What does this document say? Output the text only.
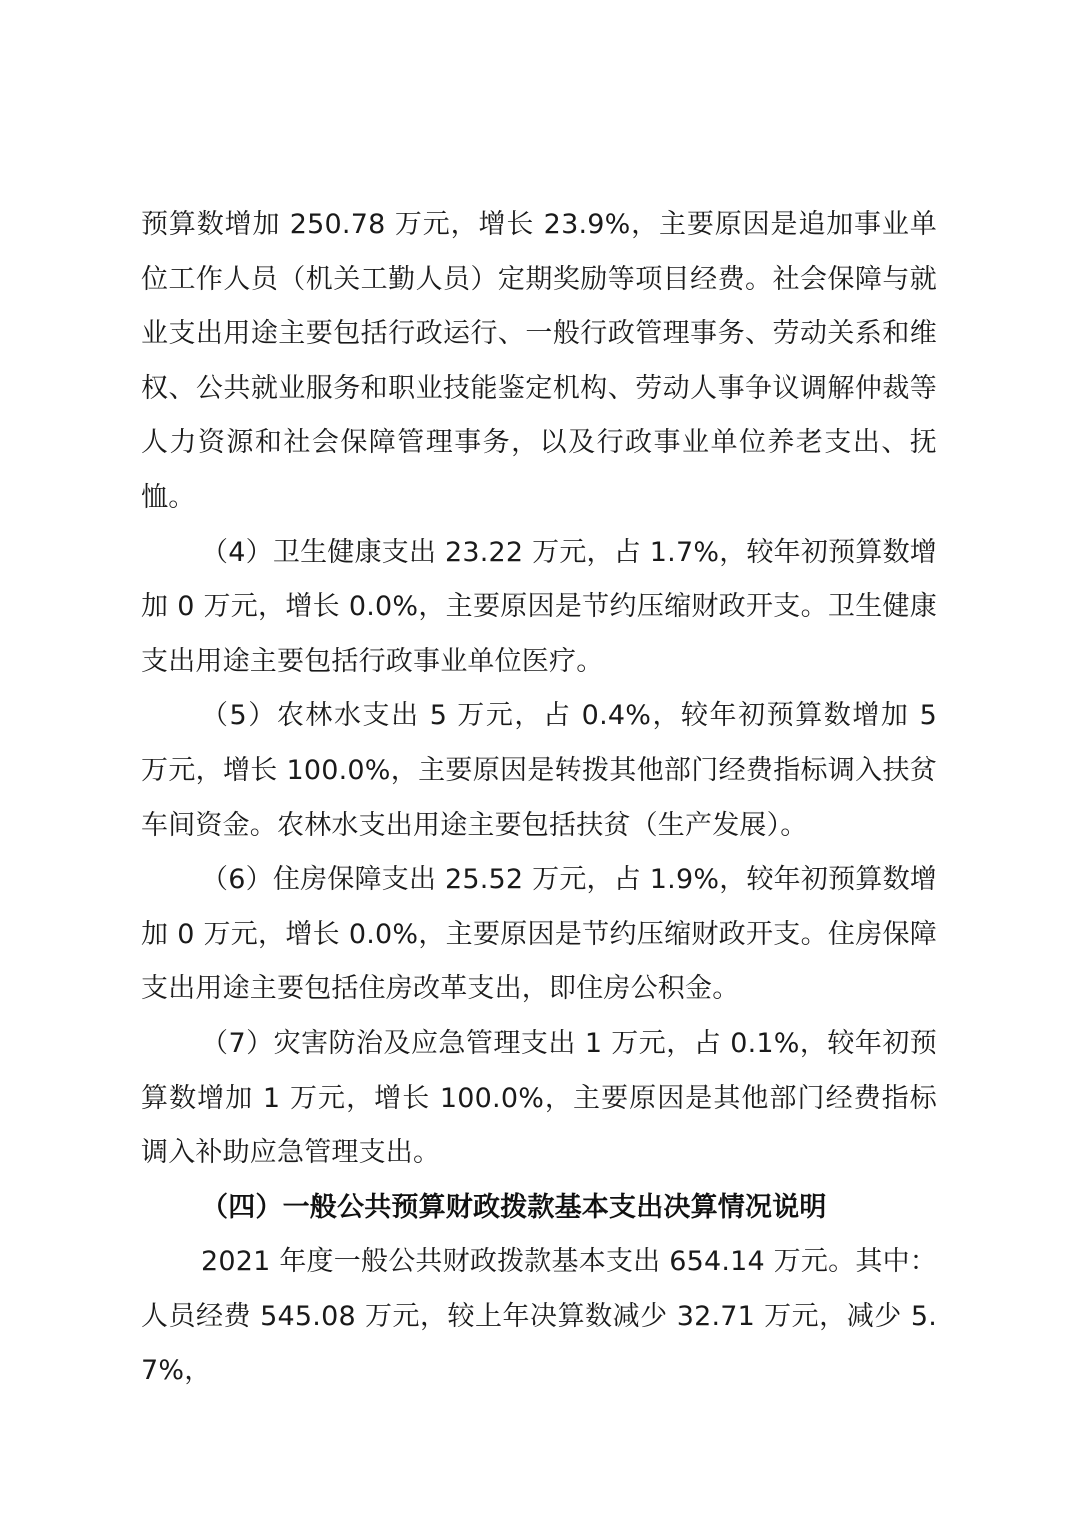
预算数增加 250.78 万元，增长 23.9%，主要原因是追加事业单位工作人员（机关工勤人员）定期奖励等项目经费。社会保障与就业支出用途主要包括行政运行、一般行政管理事务、劳动关系和维权、公共就业服务和职业技能鉴定机构、劳动人事争议调解仲裁等人力资源和社会保障管理事务，以及行政事业单位养老支出、抚恤。

（4）卫生健康支出 23.22 万元，占 1.7%，较年初预算数增加 0 万元，增长 0.0%，主要原因是节约压缩财政开支。卫生健康支出用途主要包括行政事业单位医疗。

（5）农林水支出 5 万元，占 0.4%，较年初预算数增加 5 万元，增长 100.0%，主要原因是转拨其他部门经费指标调入扶贫车间资金。农林水支出用途主要包括扶贫（生产发展）。

（6）住房保障支出 25.52 万元，占 1.9%，较年初预算数增加 0 万元，增长 0.0%，主要原因是节约压缩财政开支。住房保障支出用途主要包括住房改革支出，即住房公积金。

（7）灾害防治及应急管理支出 1 万元，占 0.1%，较年初预算数增加 1 万元，增长 100.0%，主要原因是其他部门经费指标调入补助应急管理支出。

（四）一般公共预算财政拨款基本支出决算情况说明

2021 年度一般公共财政拨款基本支出 654.14 万元。其中：人员经费 545.08 万元，较上年决算数减少 32.71 万元，减少 5.7%，
